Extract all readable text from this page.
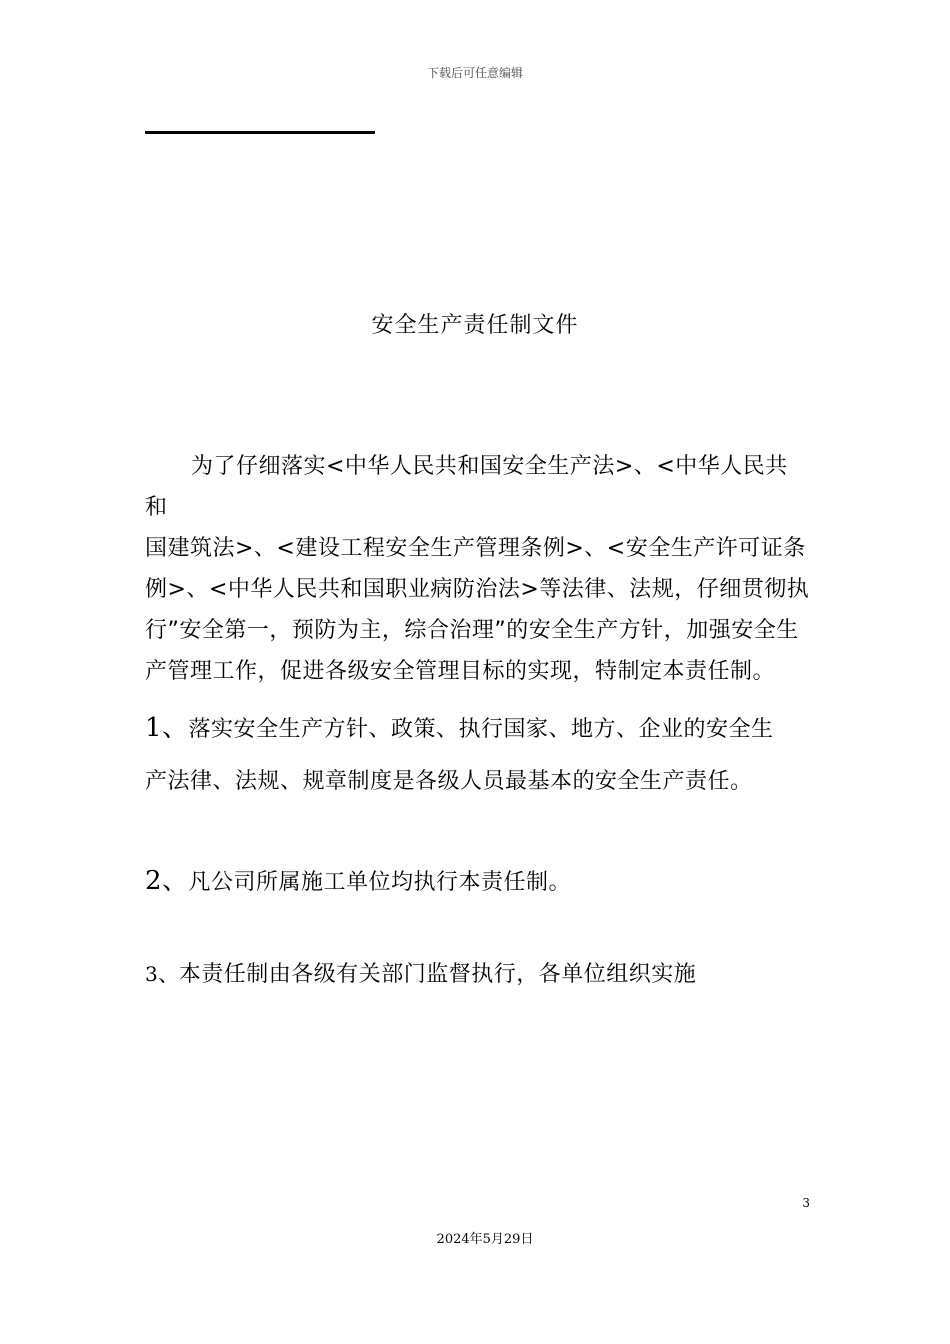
下载后可任意编辑
安全生产责任制文件
为了仔细落实<中华人民共和国安全生产法>、<中华人民共和
国建筑法>、<建设工程安全生产管理条例>、<安全生产许可证条
例>、<中华人民共和国职业病防治法>等法律、法规，仔细贯彻执
行”安全第一，预防为主，综合治理”的安全生产方针，加强安全生
产管理工作，促进各级安全管理目标的实现，特制定本责任制。
1、落实安全生产方针、政策、执行国家、地方、企业的安全生
产法律、法规、规章制度是各级人员最基本的安全生产责任。
2、凡公司所属施工单位均执行本责任制。
3、本责任制由各级有关部门监督执行，各单位组织实施
3
2024年5月29日
